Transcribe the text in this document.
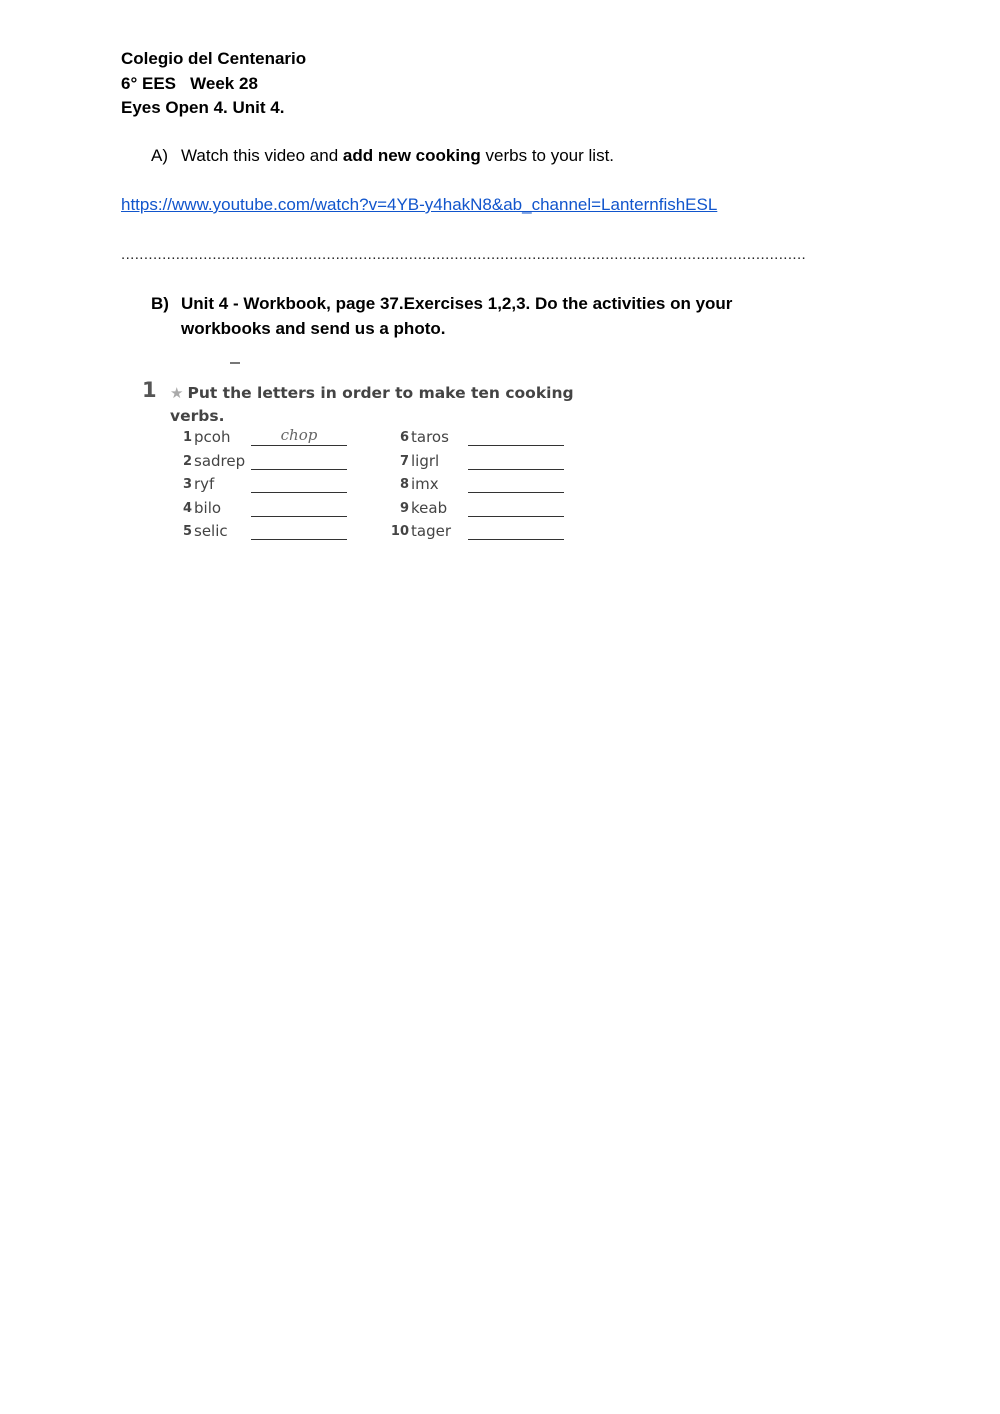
Colegio del Centenario
6° EES   Week 28
Eyes Open 4. Unit 4.
A) Watch this video and add new cooking verbs to your list.
https://www.youtube.com/watch?v=4YB-y4hakN8&ab_channel=LanternfishESL
......................................................................................................................................................
B) Unit 4 - Workbook, page 37.Exercises 1,2,3. Do the activities on your
workbooks and send us a photo.
1 ★ Put the letters in order to make ten cooking verbs.
1 pcoh	chop
2 sadrep
3 ryf
4 bilo
5 selic
6 taros
7 ligrl
8 imx
9 keab
10 tager
